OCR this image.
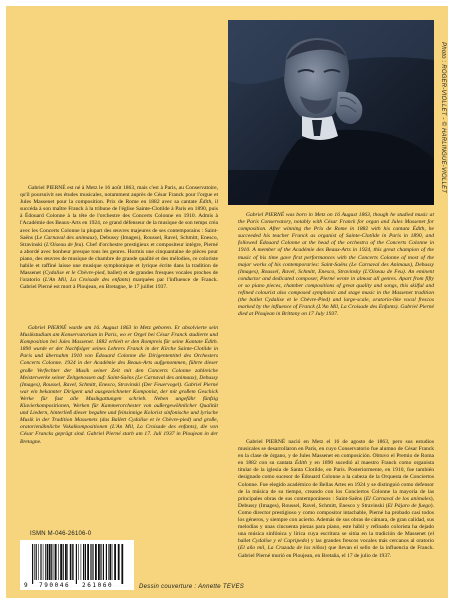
Photo : ROGER-VIOLLET - © HARLINGUE-VIOLLET

Gabriel PIERNÉ est né à Metz le 16 août 1863, mais c'est à Paris, au Conservatoire, qu'il poursuivit ses études musicales, notamment auprès de César Franck pour l'orgue et Jules Massenet pour la composition. Prix de Rome en 1882 avec sa cantate Édith, il succéda à son maître Franck à la tribune de l'église Sainte-Clotilde à Paris en 1890, puis à Édouard Colonne à la tête de l'orchestre des Concerts Colonne en 1910. Admis à l'Académie des Beaux-Arts en 1924, ce grand défenseur de la musique de son temps créa avec les Concerts Colonne la plupart des œuvres majeures de ses contemporains : Saint-Saëns (Le Carnaval des animaux), Debussy (Images), Roussel, Ravel, Schmitt, Enesco, Stravinski (L'Oiseau de feu). Chef d'orchestre prestigieux et compositeur intègre, Pierné a abordé avec bonheur presque tous les genres. Hormis une cinquantaine de pièces pour piano, des œuvres de musique de chambre de grande qualité et des mélodies, ce coloriste habile et raffiné laisse une musique symphonique et lyrique écrite dans la tradition de Massenet (Cydalise et le Chèvre-pied, ballet) et de grandes fresques vocales proches de l'oratorio (L'An Mil, La Croisade des enfants) marquées par l'influence de Franck. Gabriel Pierné est mort à Ploujean, en Bretagne, le 17 juillet 1937.

Gabriel PIERNÉ wurde am 16. August 1863 in Metz geboren. Er absolvierte sein Musikstudium am Konservatorium in Paris, wo er Orgel bei César Franck studierte und Komposition bei Jules Massenet. 1882 erhielt er den Rompreis für seine Kantate Édith. 1890 wurde er der Nachfolger seines Lehrers Franck in der Kirche Sainte-Clotilde in Paris und übernahm 1910 von Édouard Colonne die Dirigententitel des Orchesters Concerts Colonne. 1924 in der Académie des Beaux-Arts aufgenommen, führte dieser große Verfechter der Musik seiner Zeit mit den Concerts Colonne zahlreiche Meisterwerke seiner Zeitgenossen auf: Saint-Saëns (Le Carnaval des animaux), Debussy (Images), Roussel, Ravel, Schmitt, Enesco, Stravinski (Der Feuervogel). Gabriel Pierné war ein bekannter Dirigent und ausgezeichneter Komponist, der mit großem Geschick Werke für fast alle Musikgattungen schrieb. Neben ungefähr fünfzig Klavierkompositionen, Werken für Kammerorchester von außergewöhnlicher Qualität und Liedern, hinterließ dieser begabte und feinsinnige Kolorist sinfonische und lyrische Musik in der Tradition Massenets (das Ballett Cydalise et le Chèvre-pied) und große, oratorienähnliche Vokalkompositionen (L'An Mil, La Croisade des enfants), die von César Francks geprägt sind. Gabriel Pierné starb am 17. Juli 1937 in Ploujean in der Bretagne.

Gabriel PIERNÉ was born in Metz on 16 August 1863, though he studied music at the Paris Conservatory, notably with César Franck for organ and Jules Massenet for composition. After winning the Prix de Rome in 1882 with his cantata Édith, he succeeded his teacher Franck as organist of Sainte-Clotilde in Paris in 1890, and followed Édouard Colonne at the head of the orchestra of the Concerts Colonne in 1910. A member of the Académie des Beaux-Arts in 1924, this great champion of the music of his time gave first performances with the Concerts Colonne of most of the major works of his contemporaries: Saint-Saëns (Le Carnaval des Animaux), Debussy (Images), Roussel, Ravel, Schmitt, Enesco, Stravinsky (L'Oiseau de Feu). An eminent conductor and dedicated composer, Pierné wrote in almost all genres. Apart from fifty or so piano pieces, chamber compositions of great quality and songs, this skilful and refined colourist also composed symphonic and stage music in the Massenet tradition (the ballet Cydalise et le Chèvre-Pied) and large-scale, oratorio-like vocal frescos marked by the influence of Franck (L'An Mil, La Croisade des Enfants). Gabriel Pierné died at Ploujean in Brittany on 17 July 1937.

Gabriel PIERNÉ nació en Metz el 16 de agosto de 1863, pero sus estudios musicales se desarrollaron en París, en cuyo Conservatorio fue alumno de César Franck en la clase de órgano, y de Jules Massenet en composición. Obtuvo el Premio de Roma en 1882 con su cantata Édith y en 1890 sucedió al maestro Franck como organista titular de la iglesia de Santa Clotilde, en París. Posteriormente, en 1910, fue también designado como sucesor de Édouard Colonne a la cabeza de la Orquesta de Conciertos Colonne. Fue elegido académico de Bellas Artes en 1924 y se distinguió como defensor de la música de su tiempo, creando con los Conciertos Colonne la mayoría de las principales obras de sus contemporáneos : Saint-Saëns (El Carnaval de los animales), Debussy (Images), Roussel, Ravel, Schmitt, Enesco y Stravinski (El Pájaro de fuego). Como director prestigioso y como compositor intachable, Pierné ha probado casi todos los géneros, y siempre con acierto. Además de sus obras de cámara, de gran calidad, sus melodías y unas cincuenta piezas para piano, este hábil y refinado colorista ha dejado una música sinfónica y lírica cuya escritura se sitúa en la tradición de Massenet (el ballet Cydalise y el Capripedo) y las grandes frescos vocales más cercanos al oratorio (El año mil, La Cruzada de los niños) que llevan el sello de la influencia de Franck. Gabriel Pierné murió en Ploujean, en Bretaña, el 17 de julio de 1937.

ISMN M-046-26106-0
9 790046 261060	Dessin couverture : Annette TEVES
